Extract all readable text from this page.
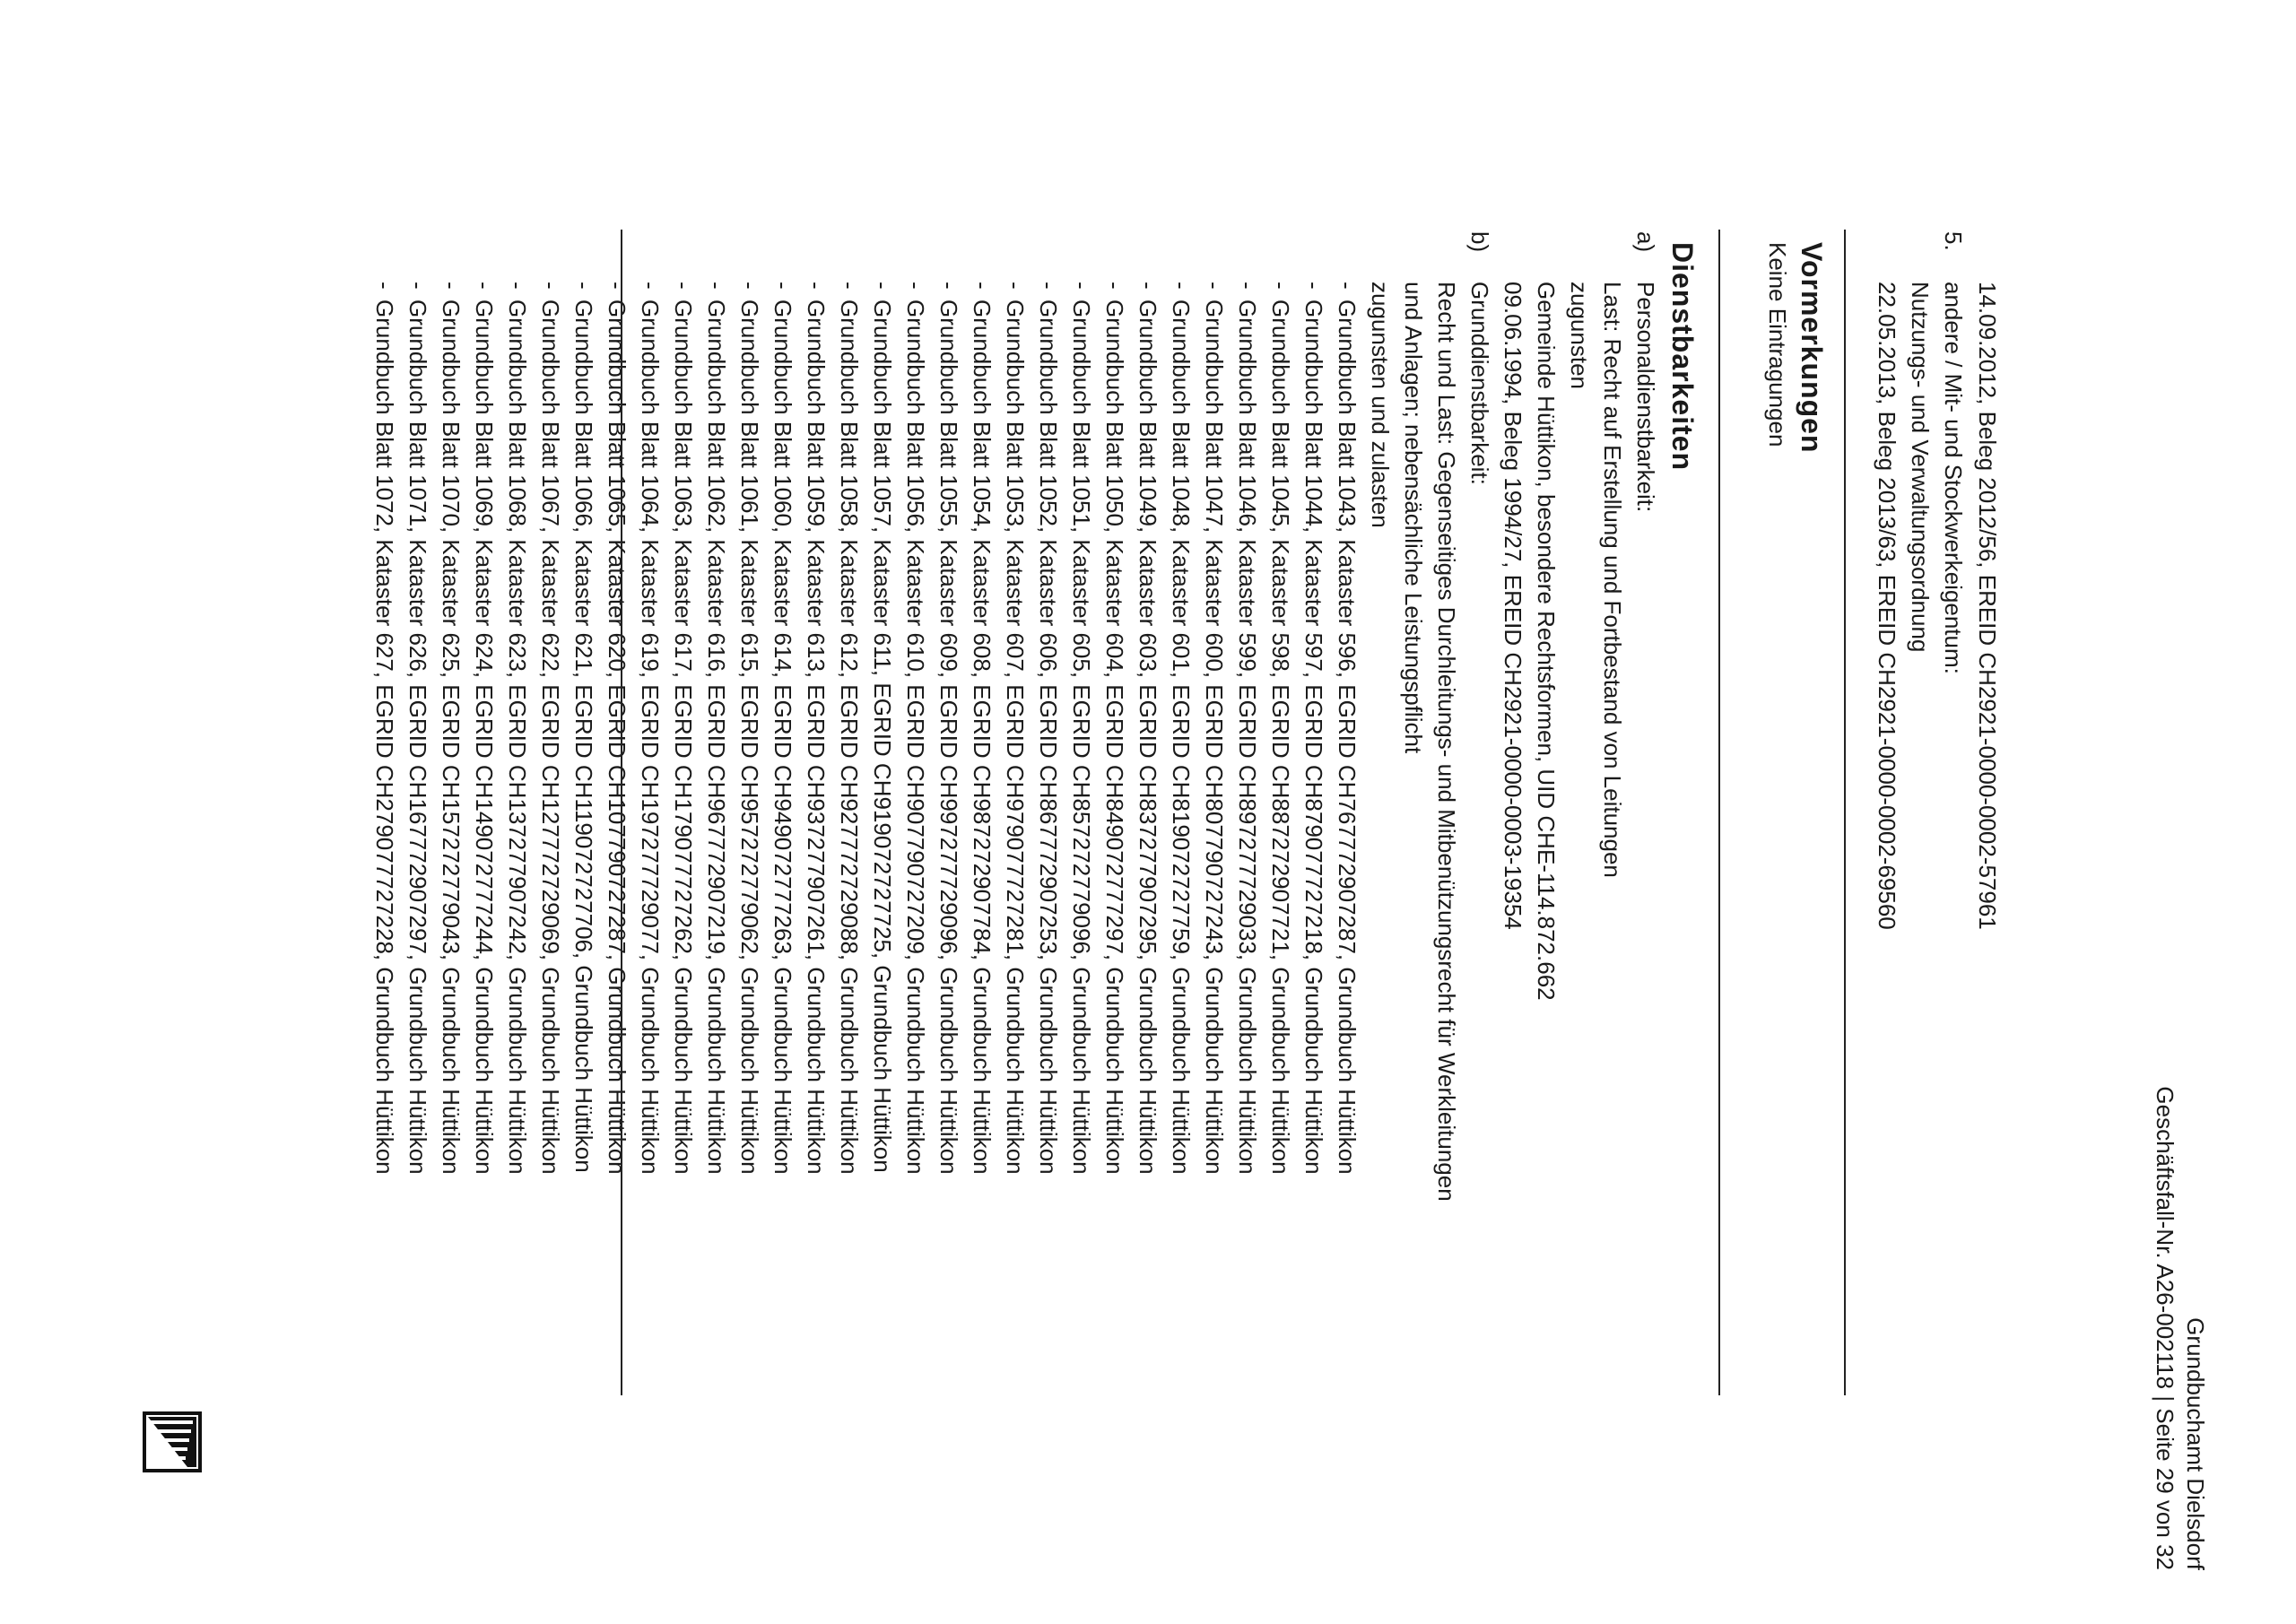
Grundbuchamt Dielsdorf
Geschäftsfall-Nr. A26-002118 | Seite 29 von 32
14.09.2012, Beleg 2012/56, EREID CH2921-0000-0002-57961
5.
andere / Mit- und Stockwerkeigentum:
Nutzungs- und Verwaltungsordnung
22.05.2013, Beleg 2013/63, EREID CH2921-0000-0002-69560
Vormerkungen
Keine Eintragungen
Dienstbarkeiten
a)
Personaldienstbarkeit:
Last: Recht auf Erstellung und Fortbestand von Leitungen
zugunsten
Gemeinde Hüttikon, besondere Rechtsformen, UID CHE-114.872.662
09.06.1994, Beleg 1994/27, EREID CH2921-0000-0003-19354
b)
Grunddienstbarkeit:
Recht und Last: Gegenseitiges Durchleitungs- und Mitbenützungsrecht für Werkleitungen
und Anlagen; nebensächliche Leistungspflicht
zugunsten und zulasten
-
Grundbuch Blatt 1043, Kataster 596, EGRID CH767772907287, Grundbuch Hüttikon
-
Grundbuch Blatt 1044, Kataster 597, EGRID CH879077727218, Grundbuch Hüttikon
-
Grundbuch Blatt 1045, Kataster 598, EGRID CH887272907721, Grundbuch Hüttikon
-
Grundbuch Blatt 1046, Kataster 599, EGRID CH897277729033, Grundbuch Hüttikon
-
Grundbuch Blatt 1047, Kataster 600, EGRID CH807790727243, Grundbuch Hüttikon
-
Grundbuch Blatt 1048, Kataster 601, EGRID CH819072727759, Grundbuch Hüttikon
-
Grundbuch Blatt 1049, Kataster 603, EGRID CH837277907295, Grundbuch Hüttikon
-
Grundbuch Blatt 1050, Kataster 604, EGRID CH849072777297, Grundbuch Hüttikon
-
Grundbuch Blatt 1051, Kataster 605, EGRID CH857272779096, Grundbuch Hüttikon
-
Grundbuch Blatt 1052, Kataster 606, EGRID CH867772907253, Grundbuch Hüttikon
-
Grundbuch Blatt 1053, Kataster 607, EGRID CH979077727281, Grundbuch Hüttikon
-
Grundbuch Blatt 1054, Kataster 608, EGRID CH987272907784, Grundbuch Hüttikon
-
Grundbuch Blatt 1055, Kataster 609, EGRID CH997277729096, Grundbuch Hüttikon
-
Grundbuch Blatt 1056, Kataster 610, EGRID CH907790727209, Grundbuch Hüttikon
-
Grundbuch Blatt 1057, Kataster 611, EGRID CH919072727725, Grundbuch Hüttikon
-
Grundbuch Blatt 1058, Kataster 612, EGRID CH927772729088, Grundbuch Hüttikon
-
Grundbuch Blatt 1059, Kataster 613, EGRID CH937277907261, Grundbuch Hüttikon
-
Grundbuch Blatt 1060, Kataster 614, EGRID CH949072777263, Grundbuch Hüttikon
-
Grundbuch Blatt 1061, Kataster 615, EGRID CH957272779062, Grundbuch Hüttikon
-
Grundbuch Blatt 1062, Kataster 616, EGRID CH967772907219, Grundbuch Hüttikon
-
Grundbuch Blatt 1063, Kataster 617, EGRID CH179077727262, Grundbuch Hüttikon
-
Grundbuch Blatt 1064, Kataster 619, EGRID CH197277729077, Grundbuch Hüttikon
-
Grundbuch Blatt 1065, Kataster 620, EGRID CH107790727287, Grundbuch Hüttikon
-
Grundbuch Blatt 1066, Kataster 621, EGRID CH119072727706, Grundbuch Hüttikon
-
Grundbuch Blatt 1067, Kataster 622, EGRID CH127772729069, Grundbuch Hüttikon
-
Grundbuch Blatt 1068, Kataster 623, EGRID CH137277907242, Grundbuch Hüttikon
-
Grundbuch Blatt 1069, Kataster 624, EGRID CH149072777244, Grundbuch Hüttikon
-
Grundbuch Blatt 1070, Kataster 625, EGRID CH157272779043, Grundbuch Hüttikon
-
Grundbuch Blatt 1071, Kataster 626, EGRID CH167772907297, Grundbuch Hüttikon
-
Grundbuch Blatt 1072, Kataster 627, EGRID CH279077727228, Grundbuch Hüttikon
